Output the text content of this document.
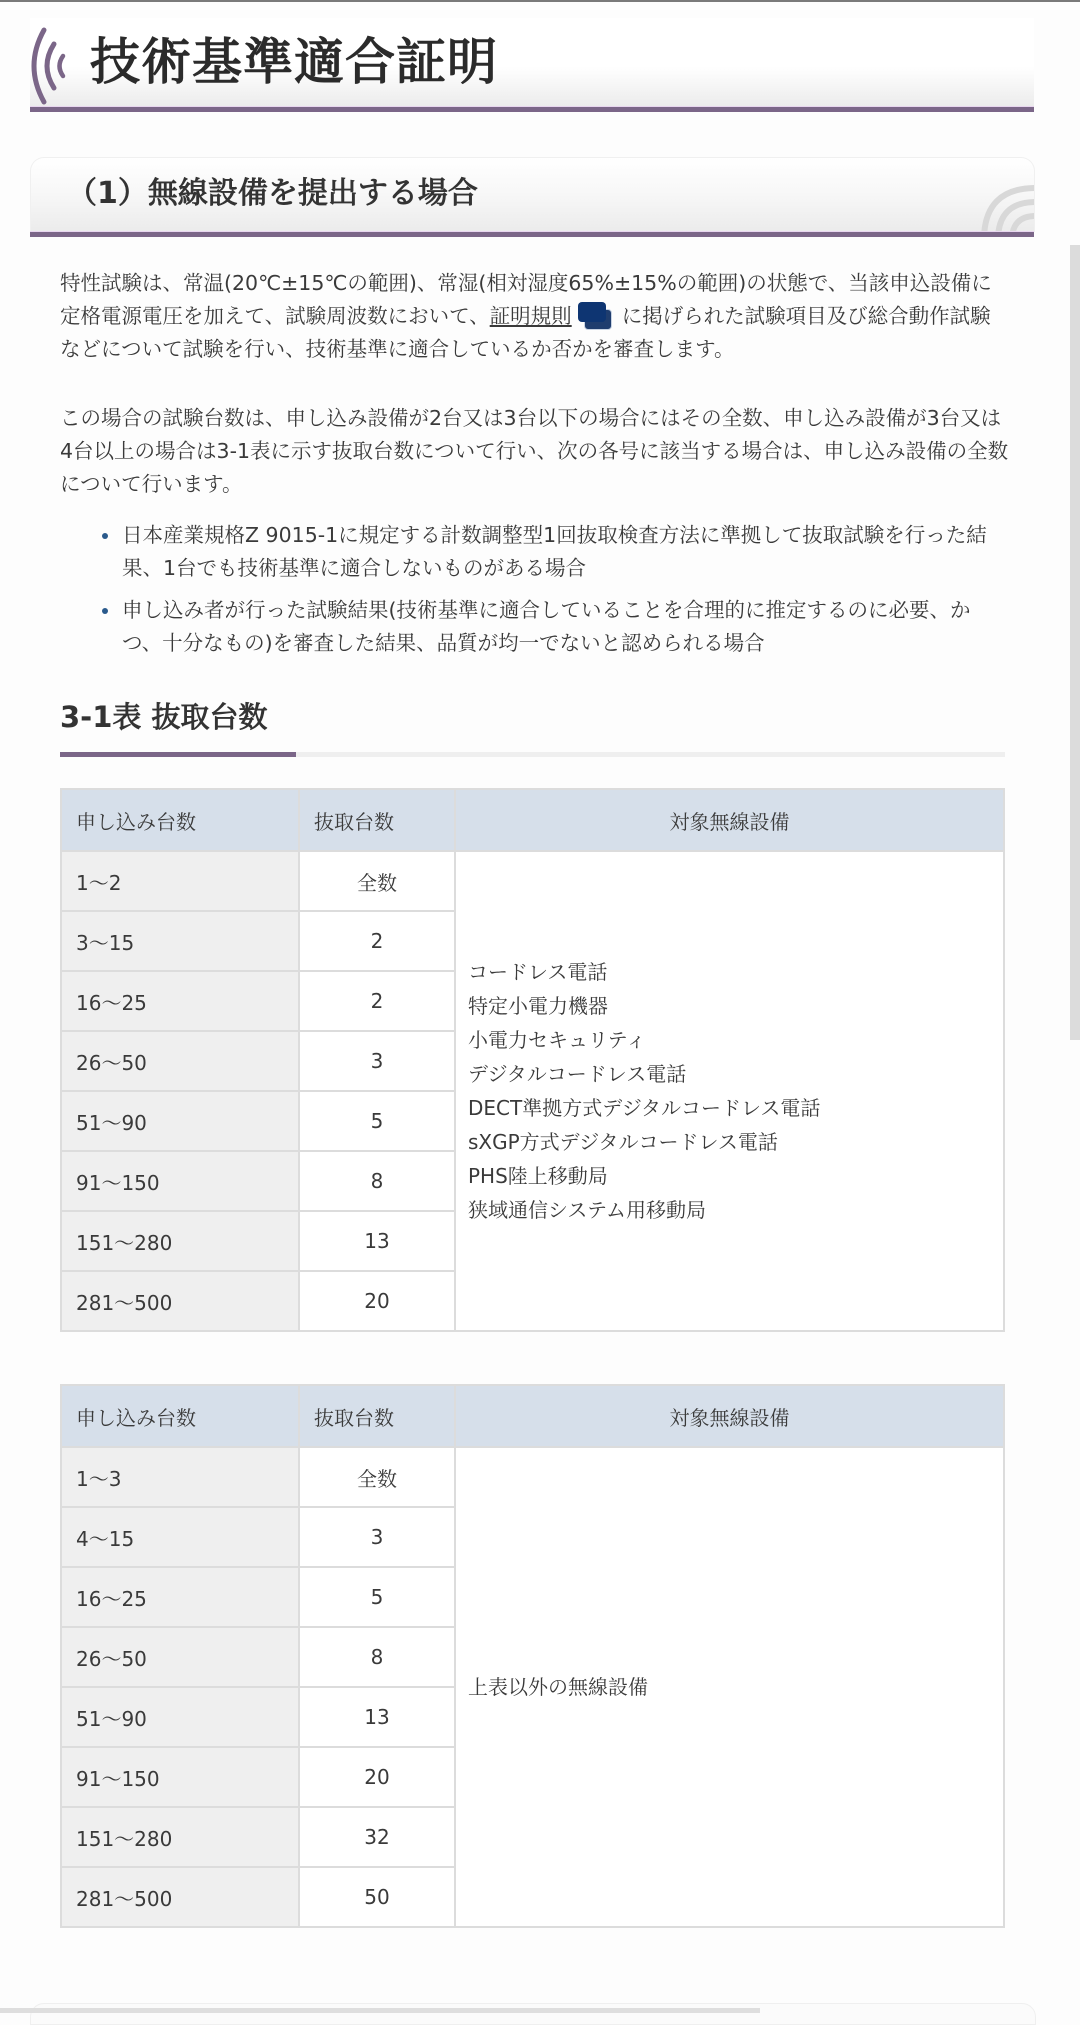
技術基準適合証明
（1）無線設備を提出する場合

特性試験は、常温(20℃±15℃の範囲)、常湿(相対湿度65%±15%の範囲)の状態で、当該申込設備に定格電源電圧を加えて、試験周波数において、証明規則 に掲げられた試験項目及び総合動作試験などについて試験を行い、技術基準に適合しているか否かを審査します。

この場合の試験台数は、申し込み設備が2台又は3台以下の場合にはその全数、申し込み設備が3台又は4台以上の場合は3-1表に示す抜取台数について行い、次の各号に該当する場合は、申し込み設備の全数について行います。

日本産業規格Z 9015-1に規定する計数調整型1回抜取検査方法に準拠して抜取試験を行った結果、1台でも技術基準に適合しないものがある場合
申し込み者が行った試験結果(技術基準に適合していることを合理的に推定するのに必要、かつ、十分なもの)を審査した結果、品質が均一でないと認められる場合
3-1表 抜取台数
申し込み台数	抜取台数	対象無線設備
1〜2	全数	
コードレス電話
特定小電力機器
小電力セキュリティ
デジタルコードレス電話
DECT準拠方式デジタルコードレス電話
sXGP方式デジタルコードレス電話
PHS陸上移動局
狭域通信システム用移動局

3〜15	2	
16〜25	2	
26〜50	3	
51〜90	5	
91〜150	8	
151〜280	13	
281〜500	20	
申し込み台数	抜取台数	対象無線設備
1〜3	全数	上表以外の無線設備
4〜15	3	
16〜25	5	
26〜50	8	
51〜90	13	
91〜150	20	
151〜280	32	
281〜500	50	
